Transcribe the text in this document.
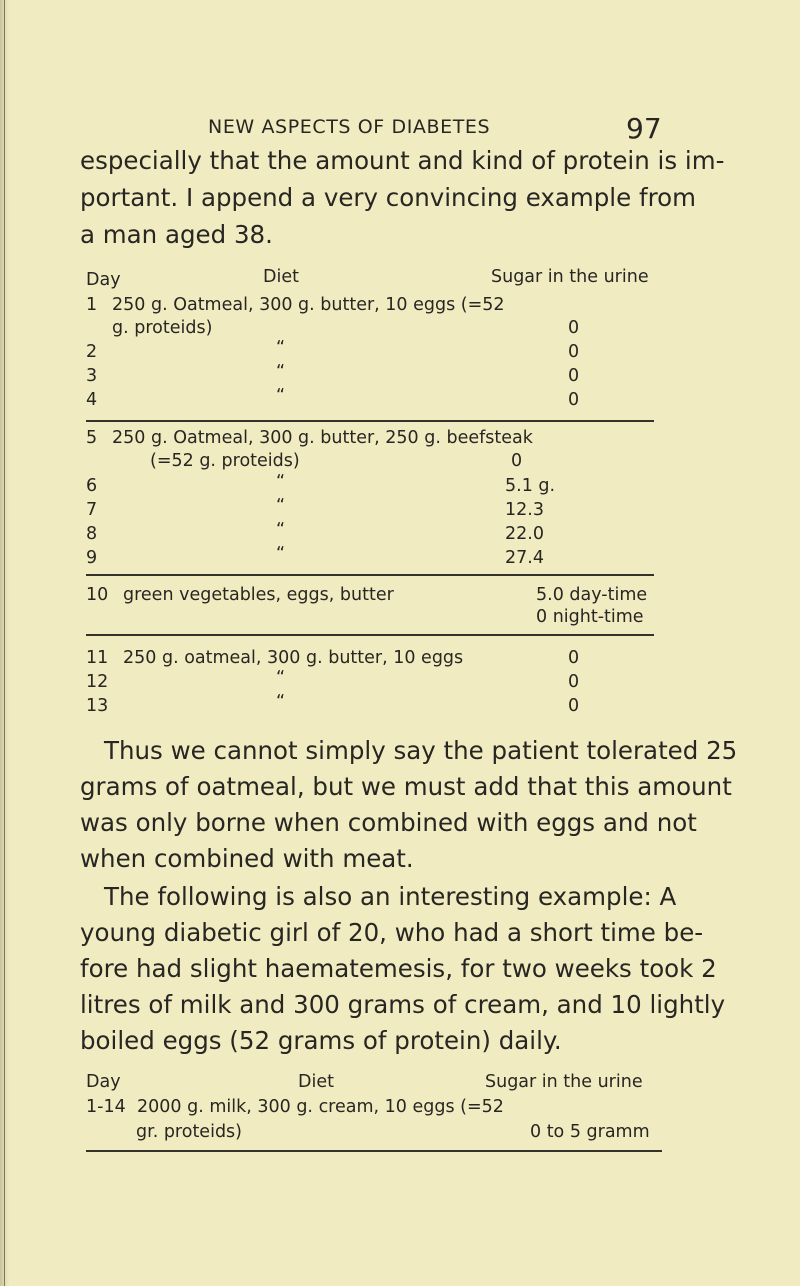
NEW ASPECTS OF DIABETES	97
especially that the amount and kind of protein is im-
portant. I append a very convincing example from
a man aged 38.
Day	Diet	Sugar in the urine
1 250 g. Oatmeal, 300 g. butter, 10 eggs (=52
g. proteids)	0
2	“	0
3	“	0
4	“	0
5 250 g. Oatmeal, 300 g. butter, 250 g. beefsteak
(=52 g. proteids)	0
6	“	5.1 g.
7	“	12.3
8	“	22.0
9	“	27.4
10 green vegetables, eggs, butter	5.0 day-time
0 night-time
11 250 g. oatmeal, 300 g. butter, 10 eggs	0
12	“	0
13	“	0
Thus we cannot simply say the patient tolerated 25
grams of oatmeal, but we must add that this amount
was only borne when combined with eggs and not
when combined with meat.
The following is also an interesting example: A
young diabetic girl of 20, who had a short time be-
fore had slight haematemesis, for two weeks took 2
litres of milk and 300 grams of cream, and 10 lightly
boiled eggs (52 grams of protein) daily.
Day	Diet	Sugar in the urine
1-14 2000 g. milk, 300 g. cream, 10 eggs (=52
gr. proteids)	0 to 5 gramm
